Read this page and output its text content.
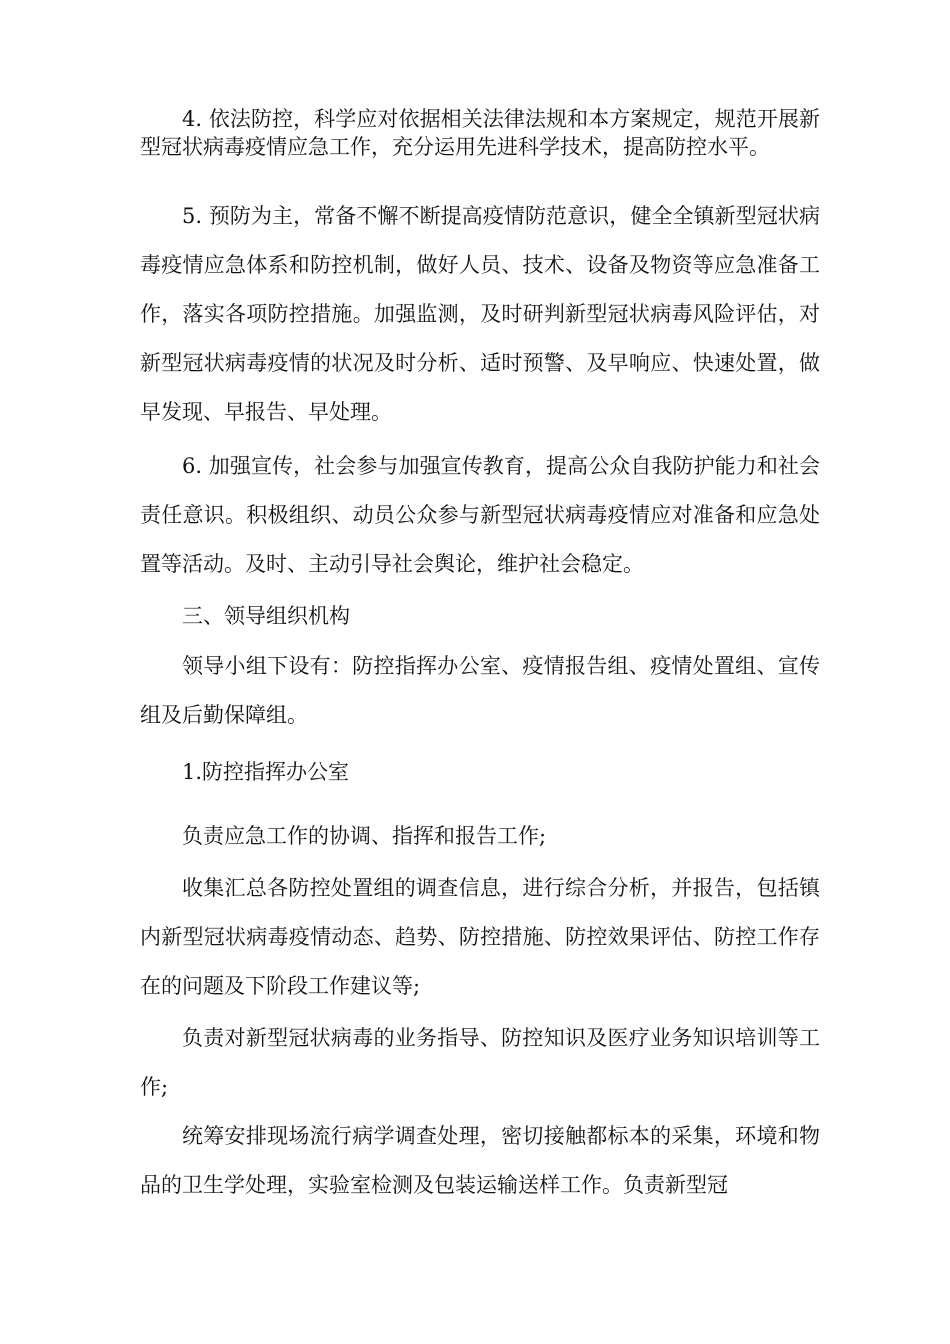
4. 依法防控，科学应对依据相关法律法规和本方案规定，规范开展新型冠状病毒疫情应急工作，充分运用先进科学技术，提高防控水平。

5. 预防为主，常备不懈不断提高疫情防范意识，健全全镇新型冠状病毒疫情应急体系和防控机制，做好人员、技术、设备及物资等应急准备工作，落实各项防控措施。加强监测，及时研判新型冠状病毒风险评估，对新型冠状病毒疫情的状况及时分析、适时预警、及早响应、快速处置，做早发现、早报告、早处理。

6. 加强宣传，社会参与加强宣传教育，提高公众自我防护能力和社会责任意识。积极组织、动员公众参与新型冠状病毒疫情应对准备和应急处置等活动。及时、主动引导社会舆论，维护社会稳定。

三、领导组织机构

领导小组下设有：防控指挥办公室、疫情报告组、疫情处置组、宣传组及后勤保障组。

1.防控指挥办公室

负责应急工作的协调、指挥和报告工作;

收集汇总各防控处置组的调查信息，进行综合分析，并报告，包括镇内新型冠状病毒疫情动态、趋势、防控措施、防控效果评估、防控工作存在的问题及下阶段工作建议等;

负责对新型冠状病毒的业务指导、防控知识及医疗业务知识培训等工作;

统筹安排现场流行病学调查处理，密切接触都标本的采集，环境和物品的卫生学处理，实验室检测及包装运输送样工作。负责新型冠
